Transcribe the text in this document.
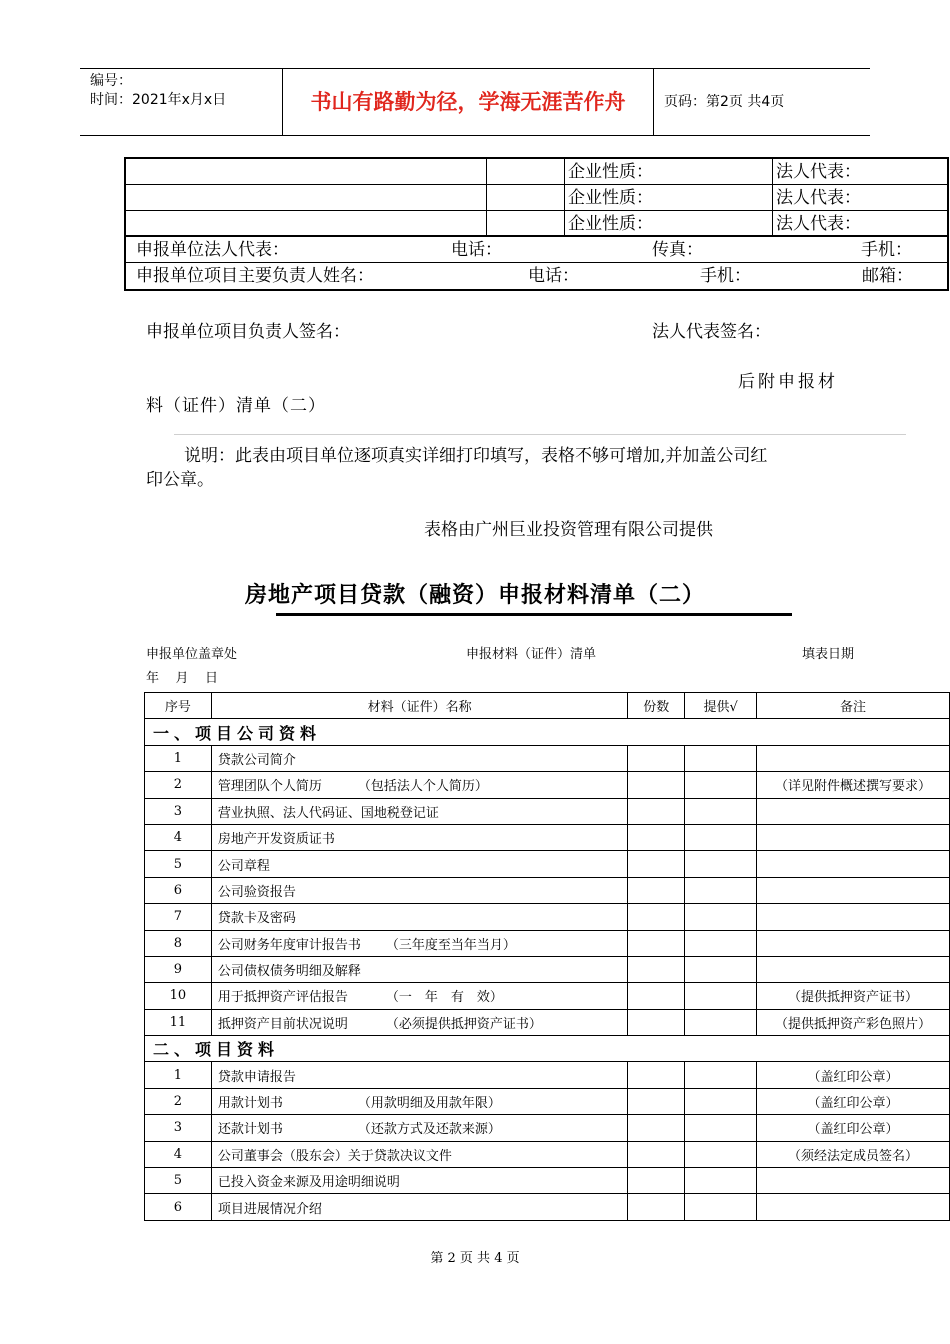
编号：
时间：2021年x月x日	书山有路勤为径，学海无涯苦作舟	页码：第2页 共4页
企业性质：	法人代表：
企业性质：	法人代表：
企业性质：	法人代表：
申报单位法人代表：	电话：	传真：	手机：
申报单位项目主要负责人姓名：	电话：	手机：	邮箱：
申报单位项目负责人签名：	法人代表签名：
后附申报材
料（证件）清单（二）
说明：此表由项目单位逐项真实详细打印填写，表格不够可增加,并加盖公司红
印公章。
表格由广州巨业投资管理有限公司提供
房地产项目贷款（融资）申报材料清单（二）
申报单位盖章处	申报材料（证件）清单	填表日期
年    月    日
序号	材料（证件）名称	份数	提供√	备注
一、项目公司资料				
1	贷款公司简介			
2	管理团队个人简历 （包括法人个人简历）			（详见附件概述撰写要求）
3	营业执照、法人代码证、国地税登记证			
4	房地产开发资质证书			
5	公司章程			
6	公司验资报告			
7	贷款卡及密码			
8	公司财务年度审计报告书 （三年度至当年当月）			
9	公司债权债务明细及解释			
10	用于抵押资产评估报告 （一　年　有　效）			（提供抵押资产证书）
11	抵押资产目前状况说明 （必须提供抵押资产证书）			（提供抵押资产彩色照片）
二、项目资料				
1	贷款申请报告			（盖红印公章）
2	用款计划书 （用款明细及用款年限）			（盖红印公章）
3	还款计划书 （还款方式及还款来源）			（盖红印公章）
4	公司董事会（股东会）关于贷款决议文件			（须经法定成员签名）
5	已投入资金来源及用途明细说明			
6	项目进展情况介绍			
第 2 页 共 4 页
